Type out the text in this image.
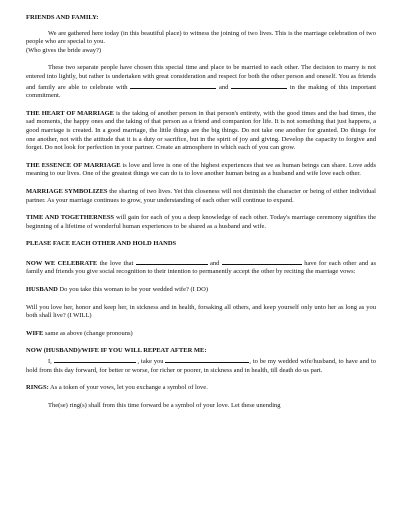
FRIENDS AND FAMILY:

We are gathered here today (in this beautiful place) to witness the joining of two lives. This is the marriage celebration of two people who are special to you.

(Who gives the bride away?)

These two separate people have chosen this special time and place to be married to each other. The decision to marry is not entered into lightly, but rather is undertaken with great consideration and respect for both the other person and oneself. You as friends and family are able to celebrate with	and	in the making of this important commitment.

THE HEART OF MARRIAGE is the taking of another person in that person's entirety, with the good times and the bad times, the sad moments, the happy ones and the taking of that person as a friend and companion for life. It is not something that just happens, a good marriage is created. In a good marriage, the little things are the big things. Do not take one another for granted. Do things for one another, not with the attitude that it is a duty or sacrifice, but in the spirit of joy and giving. Develop the capacity to forgive and forget. Do not look for perfection in your partner. Create an atmosphere in which each of you can grow.

THE ESSENCE OF MARRIAGE is love and love is one of the highest experiences that we as human beings can share. Love adds meaning to our lives. One of the greatest things we can do is to love another human being as a husband and wife love each other.

MARRIAGE SYMBOLIZES the sharing of two lives. Yet this closeness will not diminish the character or being of either individual partner. As your marriage continues to grow, your understanding of each other will continue to expand.

TIME AND TOGETHERNESS will gain for each of you a deep knowledge of each other. Today's marriage ceremony signifies the beginning of a lifetime of wonderful human experiences to be shared as a husband and wife.

PLEASE FACE EACH OTHER AND HOLD HANDS

NOW WE CELEBRATE the love that	and	have for each other and as family and friends you give social recognition to their intention to permanently accept the other by reciting the marriage vows:

HUSBAND Do you take this woman to be your wedded wife? (I DO)

Will you love her, honor and keep her, in sickness and in health, forsaking all others, and keep yourself only unto her as long as you both shall live? (I WILL)

WIFE same as above (change pronouns)

NOW (HUSBAND)/WIFE IF YOU WILL REPEAT AFTER ME:

I,	, take you	, to be my wedded wife/husband, to have and to hold from this day forward, for better or worse, for richer or poorer, in sickness and in health, till death do us part.

RINGS: As a token of your vows, let you exchange a symbol of love.

The(se) ring(s) shall from this time forward be a symbol of your love. Let these unending
